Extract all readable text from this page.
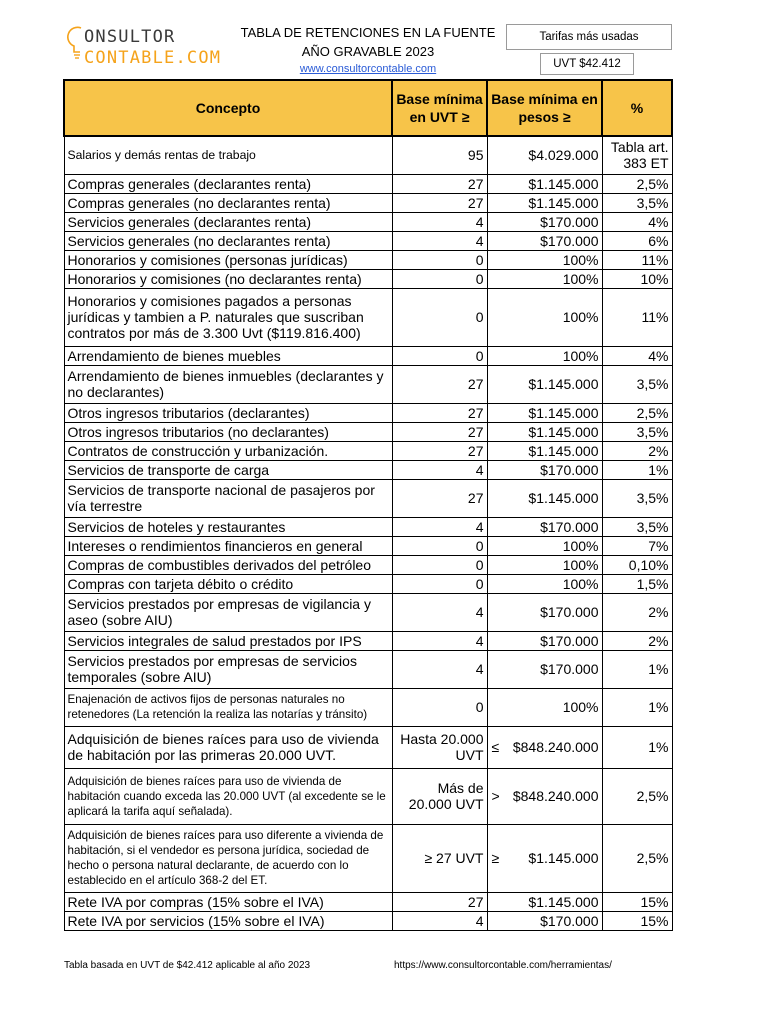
ONSULTOR
CONTABLE.COM
TABLA DE RETENCIONES EN LA FUENTE
AÑO GRAVABLE 2023
www.consultorcontable.com
Tarifas más usadas
UVT $42.412
Concepto	Base mínima en UVT ≥	Base mínima en pesos ≥	%
Salarios y demás rentas de trabajo	95	$4.029.000	Tabla art. 383 ET
Compras generales (declarantes renta)	27	$1.145.000	2,5%
Compras generales (no declarantes renta)	27	$1.145.000	3,5%
Servicios generales (declarantes renta)	4	$170.000	4%
Servicios generales (no declarantes renta)	4	$170.000	6%
Honorarios y comisiones (personas jurídicas)	0	100%	11%
Honorarios y comisiones (no declarantes renta)	0	100%	10%
Honorarios y comisiones pagados a personas jurídicas y tambien a P. naturales que suscriban contratos por más de 3.300 Uvt ($119.816.400)	0	100%	11%
Arrendamiento de bienes muebles	0	100%	4%
Arrendamiento de bienes inmuebles (declarantes y no declarantes)	27	$1.145.000	3,5%
Otros ingresos tributarios (declarantes)	27	$1.145.000	2,5%
Otros ingresos tributarios (no declarantes)	27	$1.145.000	3,5%
Contratos de construcción y urbanización.	27	$1.145.000	2%
Servicios de transporte de carga	4	$170.000	1%
Servicios de transporte nacional de pasajeros por vía terrestre	27	$1.145.000	3,5%
Servicios de hoteles y restaurantes	4	$170.000	3,5%
Intereses o rendimientos financieros en general	0	100%	7%
Compras de combustibles derivados del petróleo	0	100%	0,10%
Compras con tarjeta débito o crédito	0	100%	1,5%
Servicios prestados por empresas de vigilancia y aseo (sobre AIU)	4	$170.000	2%
Servicios integrales de salud prestados por IPS	4	$170.000	2%
Servicios prestados por empresas de servicios temporales (sobre AIU)	4	$170.000	1%
Enajenación de activos fijos de personas naturales no retenedores (La retención la realiza las notarías y tránsito)	0	100%	1%
Adquisición de bienes raíces para uso de vivienda de habitación por las primeras 20.000 UVT.	Hasta 20.000 UVT	≤ $848.240.000	1%
Adquisición de bienes raíces para uso de vivienda de habitación cuando exceda las 20.000 UVT (al excedente se le aplicará la tarifa aquí señalada).	Más de 20.000 UVT	> $848.240.000	2,5%
Adquisición de bienes raíces para uso diferente a vivienda de habitación, si el vendedor es persona jurídica, sociedad de hecho o persona natural declarante, de acuerdo con lo establecido en el artículo 368-2 del ET.	≥ 27 UVT	≥ $1.145.000	2,5%
Rete IVA por compras (15% sobre el IVA)	27	$1.145.000	15%
Rete IVA por servicios (15% sobre el IVA)	4	$170.000	15%
Tabla basada en UVT de $42.412 aplicable al año 2023	https://www.consultorcontable.com/herramientas/
